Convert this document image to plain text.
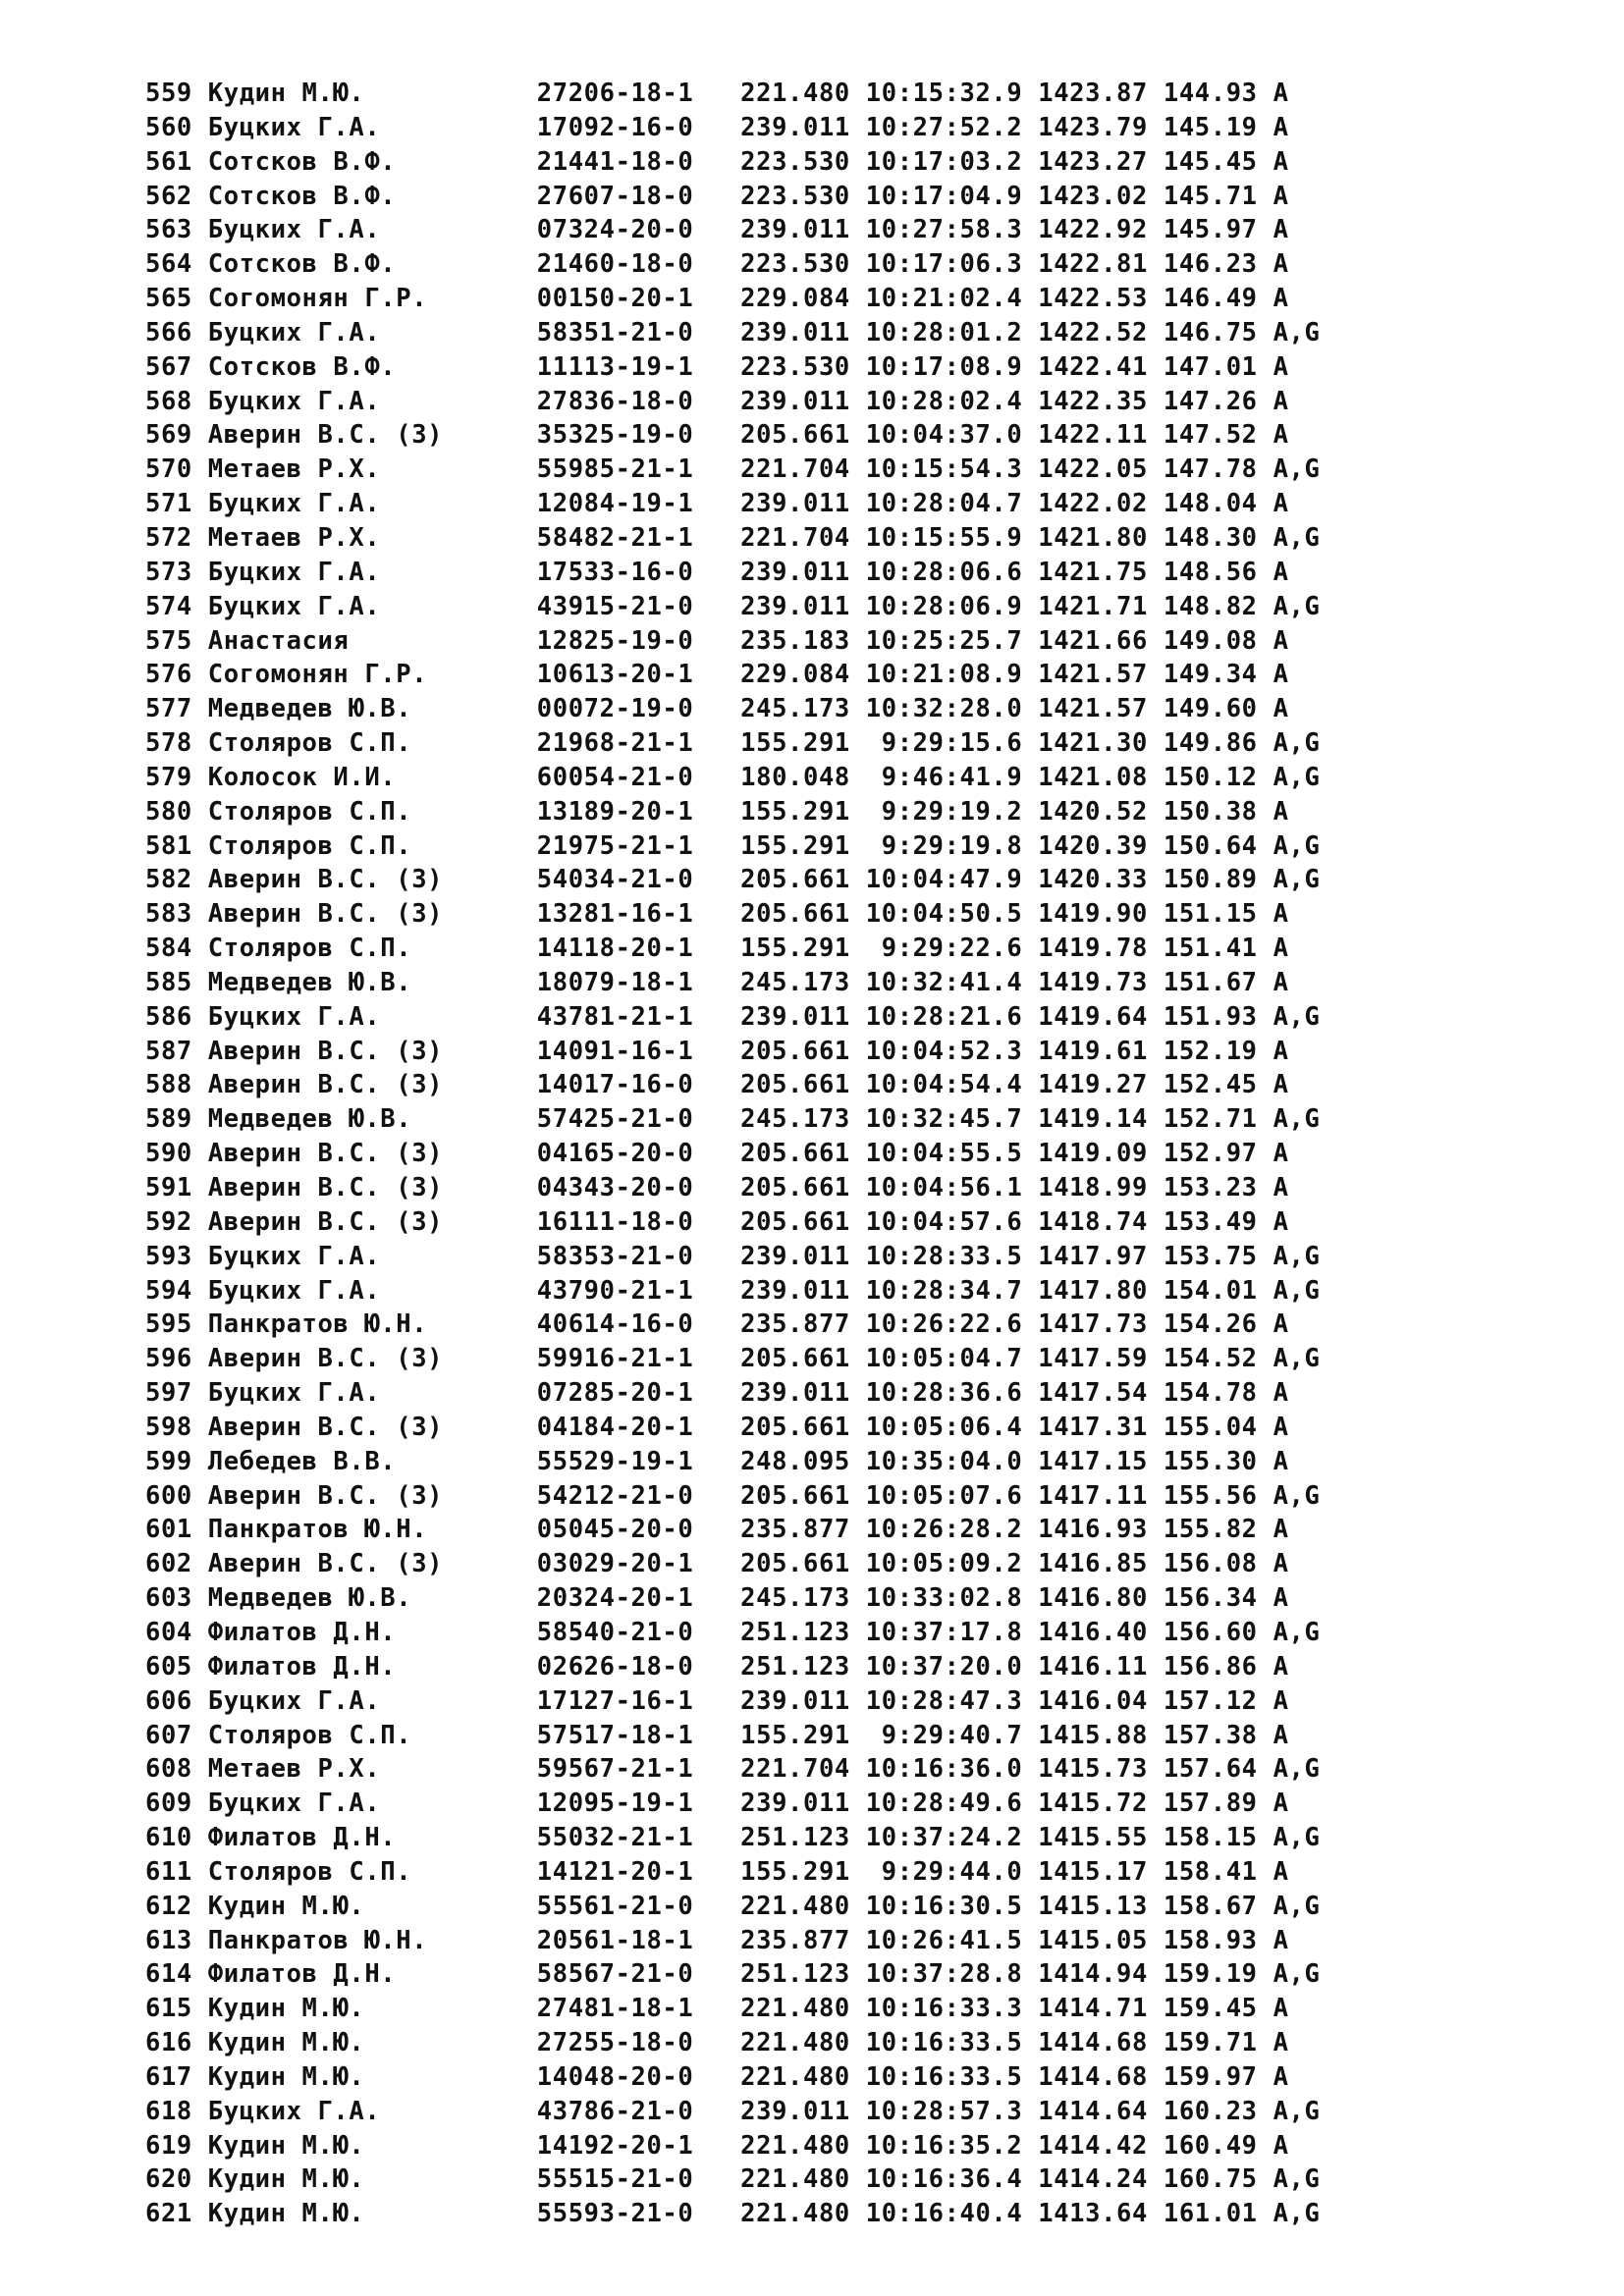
559 Кудин М.Ю.           27206-18-1   221.480 10:15:32.9 1423.87 144.93 A
560 Буцких Г.А.          17092-16-0   239.011 10:27:52.2 1423.79 145.19 A
561 Сотсков В.Ф.         21441-18-0   223.530 10:17:03.2 1423.27 145.45 A
562 Сотсков В.Ф.         27607-18-0   223.530 10:17:04.9 1423.02 145.71 A
563 Буцких Г.А.          07324-20-0   239.011 10:27:58.3 1422.92 145.97 A
564 Сотсков В.Ф.         21460-18-0   223.530 10:17:06.3 1422.81 146.23 A
565 Согомонян Г.Р.       00150-20-1   229.084 10:21:02.4 1422.53 146.49 A
566 Буцких Г.А.          58351-21-0   239.011 10:28:01.2 1422.52 146.75 A,G
567 Сотсков В.Ф.         11113-19-1   223.530 10:17:08.9 1422.41 147.01 A
568 Буцких Г.А.          27836-18-0   239.011 10:28:02.4 1422.35 147.26 A
569 Аверин В.С. (З)      35325-19-0   205.661 10:04:37.0 1422.11 147.52 A
570 Метаев Р.Х.          55985-21-1   221.704 10:15:54.3 1422.05 147.78 A,G
571 Буцких Г.А.          12084-19-1   239.011 10:28:04.7 1422.02 148.04 A
572 Метаев Р.Х.          58482-21-1   221.704 10:15:55.9 1421.80 148.30 A,G
573 Буцких Г.А.          17533-16-0   239.011 10:28:06.6 1421.75 148.56 A
574 Буцких Г.А.          43915-21-0   239.011 10:28:06.9 1421.71 148.82 A,G
575 Анастасия            12825-19-0   235.183 10:25:25.7 1421.66 149.08 A
576 Согомонян Г.Р.       10613-20-1   229.084 10:21:08.9 1421.57 149.34 A
577 Медведев Ю.В.        00072-19-0   245.173 10:32:28.0 1421.57 149.60 A
578 Столяров С.П.        21968-21-1   155.291  9:29:15.6 1421.30 149.86 A,G
579 Колосок И.И.         60054-21-0   180.048  9:46:41.9 1421.08 150.12 A,G
580 Столяров С.П.        13189-20-1   155.291  9:29:19.2 1420.52 150.38 A
581 Столяров С.П.        21975-21-1   155.291  9:29:19.8 1420.39 150.64 A,G
582 Аверин В.С. (З)      54034-21-0   205.661 10:04:47.9 1420.33 150.89 A,G
583 Аверин В.С. (З)      13281-16-1   205.661 10:04:50.5 1419.90 151.15 A
584 Столяров С.П.        14118-20-1   155.291  9:29:22.6 1419.78 151.41 A
585 Медведев Ю.В.        18079-18-1   245.173 10:32:41.4 1419.73 151.67 A
586 Буцких Г.А.          43781-21-1   239.011 10:28:21.6 1419.64 151.93 A,G
587 Аверин В.С. (З)      14091-16-1   205.661 10:04:52.3 1419.61 152.19 A
588 Аверин В.С. (З)      14017-16-0   205.661 10:04:54.4 1419.27 152.45 A
589 Медведев Ю.В.        57425-21-0   245.173 10:32:45.7 1419.14 152.71 A,G
590 Аверин В.С. (З)      04165-20-0   205.661 10:04:55.5 1419.09 152.97 A
591 Аверин В.С. (З)      04343-20-0   205.661 10:04:56.1 1418.99 153.23 A
592 Аверин В.С. (З)      16111-18-0   205.661 10:04:57.6 1418.74 153.49 A
593 Буцких Г.А.          58353-21-0   239.011 10:28:33.5 1417.97 153.75 A,G
594 Буцких Г.А.          43790-21-1   239.011 10:28:34.7 1417.80 154.01 A,G
595 Панкратов Ю.Н.       40614-16-0   235.877 10:26:22.6 1417.73 154.26 A
596 Аверин В.С. (З)      59916-21-1   205.661 10:05:04.7 1417.59 154.52 A,G
597 Буцких Г.А.          07285-20-1   239.011 10:28:36.6 1417.54 154.78 A
598 Аверин В.С. (З)      04184-20-1   205.661 10:05:06.4 1417.31 155.04 A
599 Лебедев В.В.         55529-19-1   248.095 10:35:04.0 1417.15 155.30 A
600 Аверин В.С. (З)      54212-21-0   205.661 10:05:07.6 1417.11 155.56 A,G
601 Панкратов Ю.Н.       05045-20-0   235.877 10:26:28.2 1416.93 155.82 A
602 Аверин В.С. (З)      03029-20-1   205.661 10:05:09.2 1416.85 156.08 A
603 Медведев Ю.В.        20324-20-1   245.173 10:33:02.8 1416.80 156.34 A
604 Филатов Д.Н.         58540-21-0   251.123 10:37:17.8 1416.40 156.60 A,G
605 Филатов Д.Н.         02626-18-0   251.123 10:37:20.0 1416.11 156.86 A
606 Буцких Г.А.          17127-16-1   239.011 10:28:47.3 1416.04 157.12 A
607 Столяров С.П.        57517-18-1   155.291  9:29:40.7 1415.88 157.38 A
608 Метаев Р.Х.          59567-21-1   221.704 10:16:36.0 1415.73 157.64 A,G
609 Буцких Г.А.          12095-19-1   239.011 10:28:49.6 1415.72 157.89 A
610 Филатов Д.Н.         55032-21-1   251.123 10:37:24.2 1415.55 158.15 A,G
611 Столяров С.П.        14121-20-1   155.291  9:29:44.0 1415.17 158.41 A
612 Кудин М.Ю.           55561-21-0   221.480 10:16:30.5 1415.13 158.67 A,G
613 Панкратов Ю.Н.       20561-18-1   235.877 10:26:41.5 1415.05 158.93 A
614 Филатов Д.Н.         58567-21-0   251.123 10:37:28.8 1414.94 159.19 A,G
615 Кудин М.Ю.           27481-18-1   221.480 10:16:33.3 1414.71 159.45 A
616 Кудин М.Ю.           27255-18-0   221.480 10:16:33.5 1414.68 159.71 A
617 Кудин М.Ю.           14048-20-0   221.480 10:16:33.5 1414.68 159.97 A
618 Буцких Г.А.          43786-21-0   239.011 10:28:57.3 1414.64 160.23 A,G
619 Кудин М.Ю.           14192-20-1   221.480 10:16:35.2 1414.42 160.49 A
620 Кудин М.Ю.           55515-21-0   221.480 10:16:36.4 1414.24 160.75 A,G
621 Кудин М.Ю.           55593-21-0   221.480 10:16:40.4 1413.64 161.01 A,G
